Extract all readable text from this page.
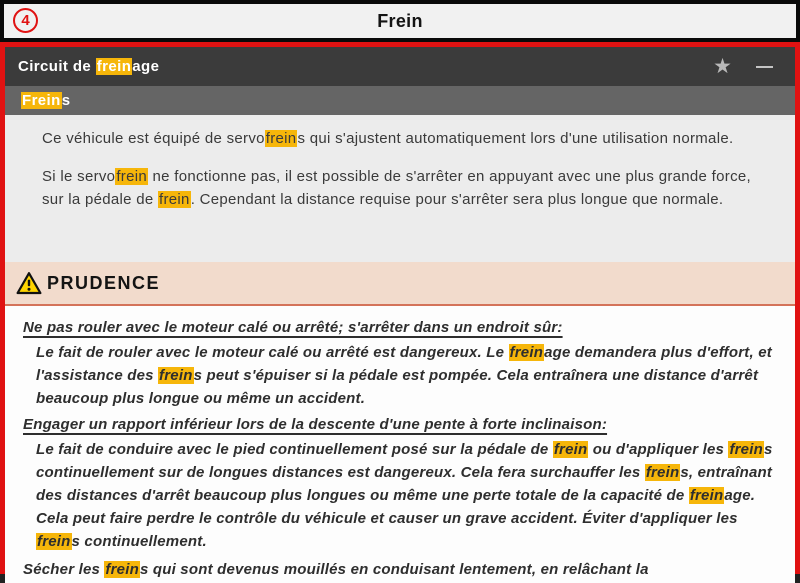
4	Frein
Circuit de freinage	★
Freins

Ce véhicule est équipé de servofreins qui s'ajustent automatiquement lors d'une utilisation normale.

Si le servofrein ne fonctionne pas, il est possible de s'arrêter en appuyant avec une plus grande force, sur la pédale de frein. Cependant la distance requise pour s'arrêter sera plus longue que normale.

PRUDENCE

Ne pas rouler avec le moteur calé ou arrêté; s'arrêter dans un endroit sûr:

Le fait de rouler avec le moteur calé ou arrêté est dangereux. Le freinage demandera plus d'effort, et l'assistance des freins peut s'épuiser si la pédale est pompée. Cela entraînera une distance d'arrêt beaucoup plus longue ou même un accident.

Engager un rapport inférieur lors de la descente d'une pente à forte inclinaison:

Le fait de conduire avec le pied continuellement posé sur la pédale de frein ou d'appliquer les freins continuellement sur de longues distances est dangereux. Cela fera surchauffer les freins, entraînant des distances d'arrêt beaucoup plus longues ou même une perte totale de la capacité de freinage. Cela peut faire perdre le contrôle du véhicule et causer un grave accident. Éviter d'appliquer les freins continuellement.

Sécher les freins qui sont devenus mouillés en conduisant lentement, en relâchant la
